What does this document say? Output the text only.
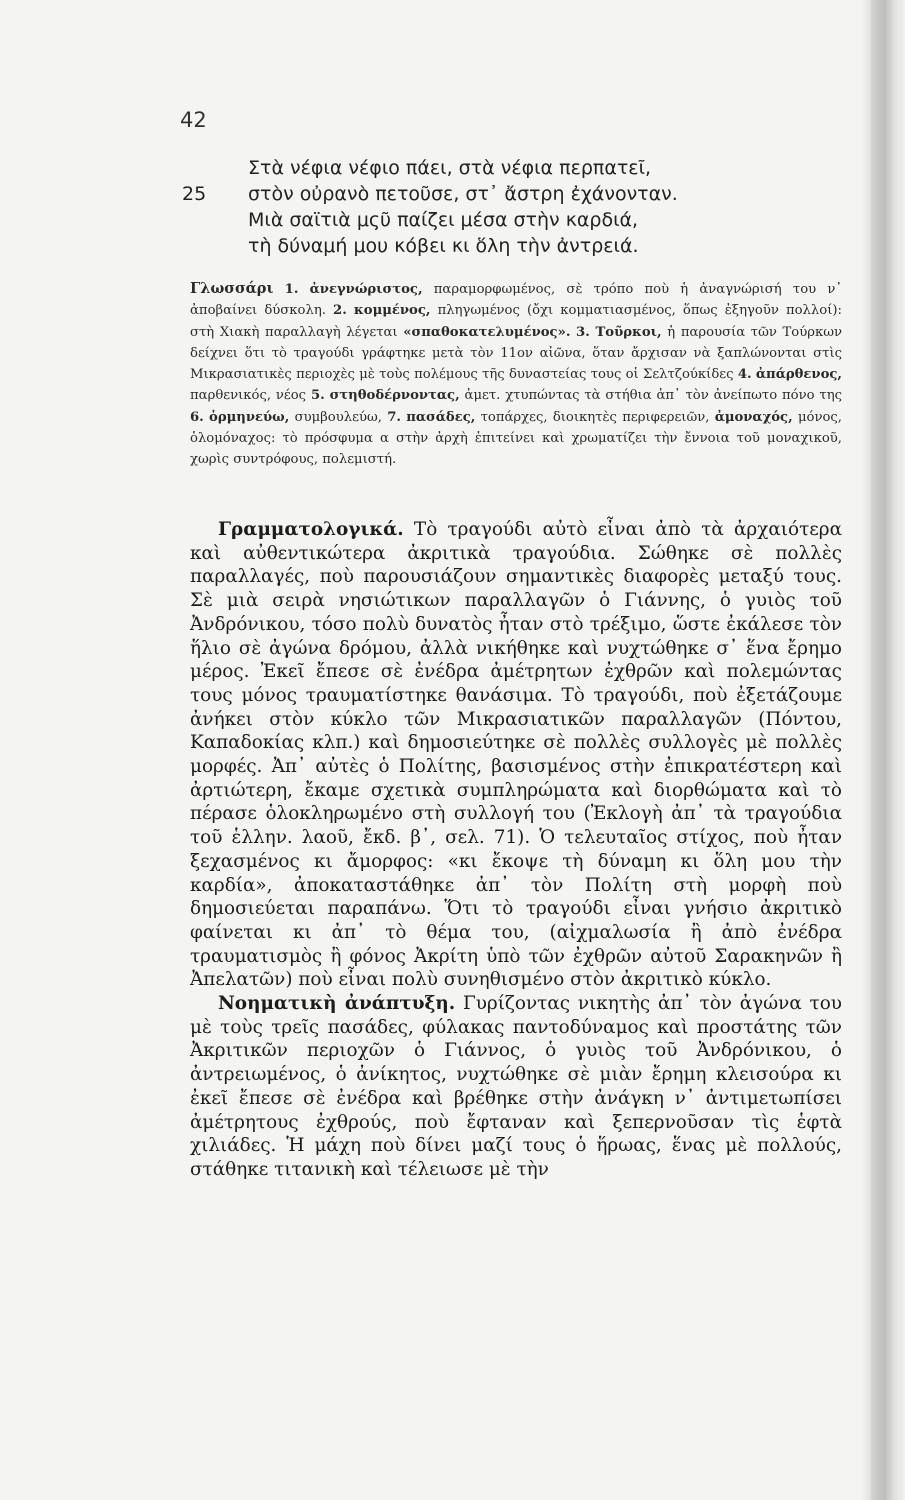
42
Στὰ νέφια νέφιο πάει, στὰ νέφια περπατεῖ,
25 στὸν οὐρανὸ πετοῦσε, στ᾽ ἄστρη ἐχάνονταν.
Μιὰ σαϊτιὰ μςῦ παίζει μέσα στὴν καρδιά,
τὴ δύναμή μου κόβει κι ὅλη τὴν ἀντρειά.
Γλωσσάρι 1. ἀνεγνώριστος, παραμορφωμένος, σὲ τρόπο ποὺ ἡ ἀναγνώρισή του ν᾽ ἀποβαίνει δύσκολη. 2. κομμένος, πληγωμένος (ὄχι κομματιασμένος, ὅπως ἐξηγοῦν πολλοί): στὴ Χιακὴ παραλλαγὴ λέγεται «σπαθοκατελυμένος». 3. Τοῦρκοι, ἡ παρουσία τῶν Τούρκων δείχνει ὅτι τὸ τραγούδι γράφτηκε μετὰ τὸν 11ον αἰῶνα, ὅταν ἄρχισαν νὰ ξαπλώνονται στὶς Μικρασιατικὲς περιοχὲς μὲ τοὺς πολέμους τῆς δυναστείας τους οἱ Σελτζούκίδες 4. ἀπάρθενος, παρθενικός, νέος 5. στηθοδέρνοντας, ἀμετ. χτυπώντας τὰ στήθια ἀπ᾽ τὸν ἀνείπωτο πόνο της 6. ὁρμηνεύω, συμβουλεύω, 7. πασάδες, τοπάρχες, διοικητὲς περιφερειῶν, ἀμοναχός, μόνος, ὁλομόναχος: τὸ πρόσφυμα α στὴν ἀρχὴ ἐπιτείνει καὶ χρωματίζει τὴν ἔννοια τοῦ μοναχικοῦ, χωρὶς συντρόφους, πολεμιστή.

Γραμματολογικά. Τὸ τραγούδι αὐτὸ εἶναι ἀπὸ τὰ ἀρχαιότερα καὶ αὐθεντικώτερα ἀκριτικὰ τραγούδια. Σώθηκε σὲ πολλὲς παραλλαγές, ποὺ παρουσιάζουν σημαντικὲς διαφορὲς μεταξύ τους. Σὲ μιὰ σειρὰ νησιώτικων παραλλαγῶν ὁ Γιάννης, ὁ γυιὸς τοῦ Ἀνδρόνικου, τόσο πολὺ δυνατὸς ἦταν στὸ τρέξιμο, ὥστε ἐκάλεσε τὸν ἥλιο σὲ ἀγώνα δρόμου, ἀλλὰ νικήθηκε καὶ νυχτώθηκε σ᾽ ἕνα ἔρημο μέρος. Ἐκεῖ ἔπεσε σὲ ἐνέδρα ἀμέτρητων ἐχθρῶν καὶ πολεμώντας τους μόνος τραυματίστηκε θανάσιμα. Τὸ τραγούδι, ποὺ ἐξετάζουμε ἀνήκει στὸν κύκλο τῶν Μικρασιατικῶν παραλλαγῶν (Πόντου, Καπαδοκίας κλπ.) καὶ δημοσιεύτηκε σὲ πολλὲς συλλογὲς μὲ πολλὲς μορφές. Ἀπ᾽ αὐτὲς ὁ Πολίτης, βασισμένος στὴν ἐπικρατέστερη καὶ ἀρτιώτερη, ἔκαμε σχετικὰ συμπληρώματα καὶ διορθώματα καὶ τὸ πέρασε ὁλοκληρωμένο στὴ συλλογή του (Ἐκλογὴ ἀπ᾽ τὰ τραγούδια τοῦ ἑλλην. λαοῦ, ἔκδ. β᾽, σελ. 71). Ὁ τελευταῖος στίχος, ποὺ ἦταν ξεχασμένος κι ἄμορφος: «κι ἔκοψε τὴ δύναμη κι ὅλη μου τὴν καρδία», ἀποκαταστάθηκε ἀπ᾽ τὸν Πολίτη στὴ μορφὴ ποὺ δημοσιεύεται παραπάνω. Ὅτι τὸ τραγούδι εἶναι γνήσιο ἀκριτικὸ φαίνεται κι ἀπ᾽ τὸ θέμα του, (αἰχμαλωσία ἢ ἀπὸ ἐνέδρα τραυματισμὸς ἢ φόνος Ἀκρίτη ὑπὸ τῶν ἐχθρῶν αὐτοῦ Σαρακηνῶν ἢ Ἀπελατῶν) ποὺ εἶναι πολὺ συνηθισμένο στὸν ἀκριτικὸ κύκλο.

Νοηματικὴ ἀνάπτυξη. Γυρίζοντας νικητὴς ἀπ᾽ τὸν ἀγώνα του μὲ τοὺς τρεῖς πασάδες, φύλακας παντοδύναμος καὶ προστάτης τῶν Ἀκριτικῶν περιοχῶν ὁ Γιάννος, ὁ γυιὸς τοῦ Ἀνδρόνικου, ὁ ἀντρειωμένος, ὁ ἀνίκητος, νυχτώθηκε σὲ μιὰν ἔρημη κλεισούρα κι ἐκεῖ ἔπεσε σὲ ἐνέδρα καὶ βρέθηκε στὴν ἀνάγκη ν᾽ ἀντιμετωπίσει ἀμέτρητους ἐχθρούς, ποὺ ἔφταναν καὶ ξεπερνοῦσαν τὶς ἑφτὰ χιλιάδες. Ἡ μάχη ποὺ δίνει μαζί τους ὁ ἥρωας, ἕνας μὲ πολλούς, στάθηκε τιτανικὴ καὶ τέλειωσε μὲ τὴν
